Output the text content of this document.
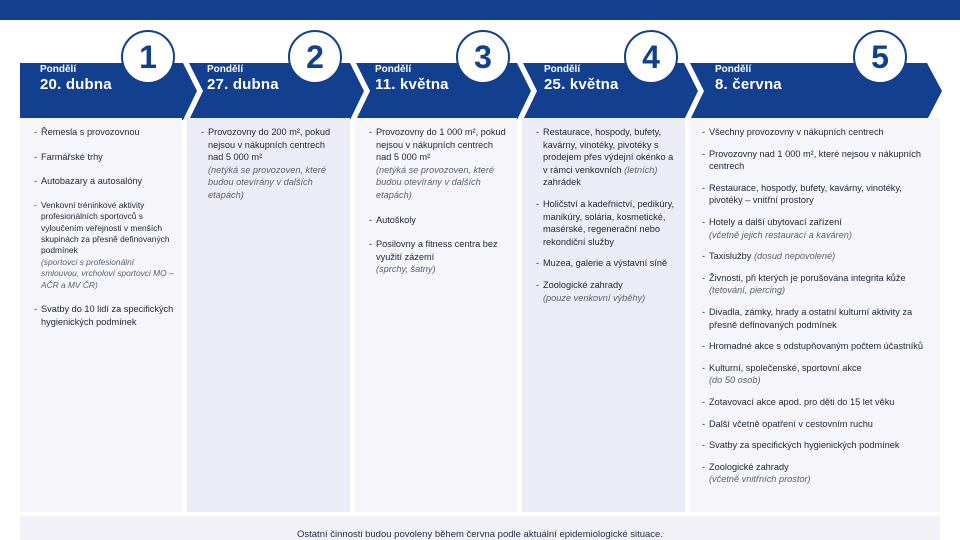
1	2	3	4	5
Pondělí
20. dubna
Pondělí
27. dubna
Pondělí
11. května
Pondělí
25. května
Pondělí
8. června
- Řemesla s provozovnou
- Farmářské trhy
- Autobazary a autosalóny
- Venkovní tréninkové aktivity profesionálních sportovců s vyloučením veřejnosti v menších skupinách za přesně definovaných podmínek
(sportovci s profesionální smlouvou, vrcholoví sportovci MO – AČR a MV ČR)
- Svatby do 10 lidí za specifických hygienických podmínek
- Provozovny do 200 m², pokud nejsou v nákupních centrech nad 5 000 m²
(netýká se provozoven, které budou otevírány v dalších etapách)
- Provozovny do 1 000 m², pokud nejsou v nákupních centrech nad 5 000 m²
(netýká se provozoven, které budou otevírány v dalších etapách)
- Autoškoly
- Posilovny a fitness centra bez využití zázemí
(sprchy, šatny)
- Restaurace, hospody, bufety, kavárny, vinotéky, pivotéky s prodejem přes výdejní okénko a v rámci venkovních (letních) zahrádek
- Holičství a kadeřnictví, pedikúry, manikúry, solária, kosmetické, masérské, regenerační nebo rekondiční služby
- Muzea, galerie a výstavní síně
- Zoologické zahrady
(pouze venkovní výběhy)
- Všechny provozovny v nákupních centrech
- Provozovny nad 1 000 m², které nejsou v nákupních centrech
- Restaurace, hospody, bufety, kavárny, vinotéky, pivotéky – vnitřní prostory
- Hotely a další ubytovací zařízení
(včetně jejich restaurací a kaváren)
- Taxislužby (dosud nepovolené)
- Živnosti, při kterých je porušována integrita kůže (tetování, piercing)
- Divadla, zámky, hrady a ostatní kulturní aktivity za přesně definovaných podmínek
- Hromadné akce s odstupňovaným počtem účastníků
- Kulturní, společenské, sportovní akce
(do 50 osob)
- Zotavovací akce apod. pro děti do 15 let věku
- Další včetně opatření v cestovním ruchu
- Svatby za specifických hygienických podmínek
- Zoologické zahrady
(včetně vnitřních prostor)
Ostatní činnosti budou povoleny během června podle aktuální epidemiologické situace.
